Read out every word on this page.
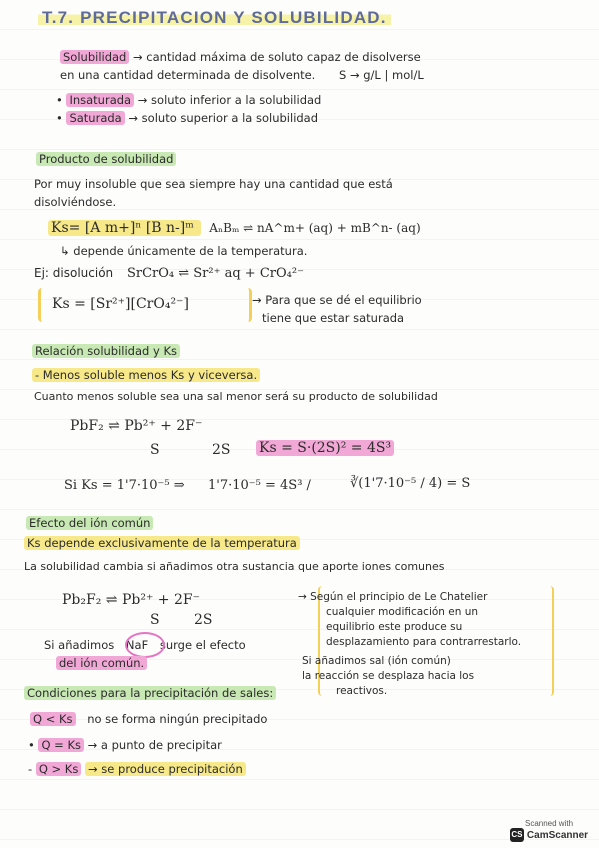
T.7. PRECIPITACION Y SOLUBILIDAD.
Solubilidad → cantidad máxima de soluto capaz de disolverse
en una cantidad determinada de disolvente. S → g/L | mol/L
• Insaturada → soluto inferior a la solubilidad
• Saturada → soluto superior a la solubilidad
Producto de solubilidad
Por muy insoluble que sea siempre hay una cantidad que está
disolviéndose.
Ks= [A m+]ⁿ [B n-]ᵐ AₙBₘ ⇌ nA^m+ (aq) + mB^n- (aq)
↳ depende únicamente de la temperatura.
Ej: disolución SrCrO₄ ⇌ Sr²⁺ aq + CrO₄²⁻
Ks = [Sr²⁺][CrO₄²⁻]	→ Para que se dé el equilibrio
tiene que estar saturada
Relación solubilidad y Ks
- Menos soluble menos Ks y viceversa.
Cuanto menos soluble sea una sal menor será su producto de solubilidad
PbF₂ ⇌ Pb²⁺ + 2F⁻
S	2S Ks = S·(2S)² = 4S³
Si Ks = 1'7·10⁻⁵ ⇒ 1'7·10⁻⁵ = 4S³ /	∛(1'7·10⁻⁵ / 4) = S
Efecto del ión común
Ks depende exclusivamente de la temperatura
La solubilidad cambia si añadimos otra sustancia que aporte iones comunes
Pb₂F₂ ⇌ Pb²⁺ + 2F⁻
S 2S
Si añadimos NaF surge el efecto
del ión común.
→ Según el principio de Le Chatelier
cualquier modificación en un
equilibrio este produce su
desplazamiento para contrarrestarlo.
Si añadimos sal (ión común)
la reacción se desplaza hacia los
reactivos.
Condiciones para la precipitación de sales:
Q < Ks no se forma ningún precipitado
• Q = Ks → a punto de precipitar
- Q > Ks → se produce precipitación
Scanned with
CS CamScanner
